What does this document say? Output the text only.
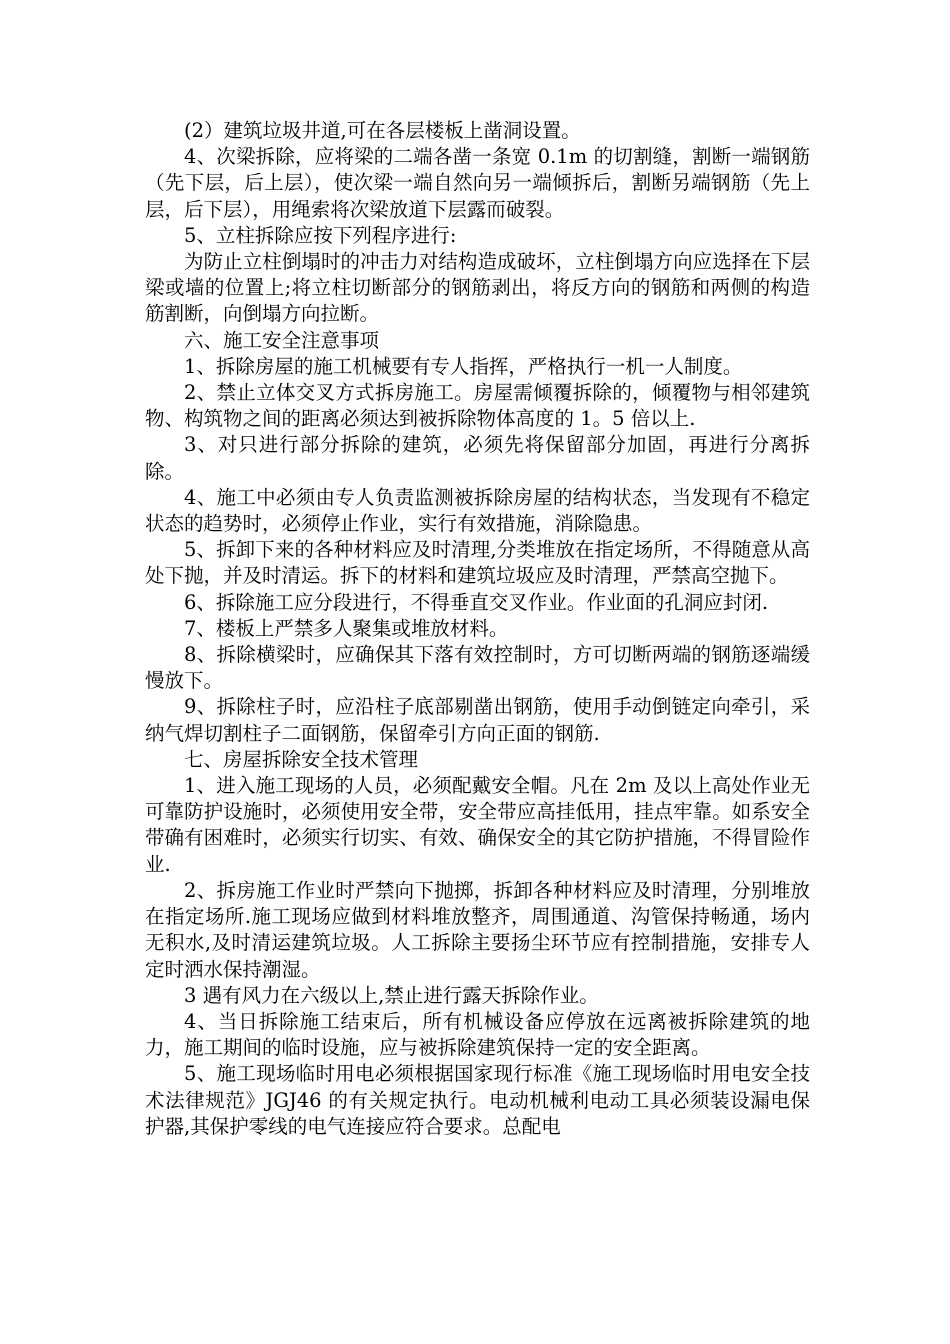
(2）建筑垃圾井道,可在各层楼板上凿洞设置。

4、次梁拆除，应将梁的二端各凿一条宽 0.1m 的切割缝，割断一端钢筋（先下层，后上层），使次梁一端自然向另一端倾拆后，割断另端钢筋（先上层，后下层），用绳索将次梁放道下层露而破裂。

5、立柱拆除应按下列程序进行:

为防止立柱倒塌时的冲击力对结构造成破坏，立柱倒塌方向应选择在下层梁或墙的位置上;将立柱切断部分的钢筋剥出，将反方向的钢筋和两侧的构造筋割断，向倒塌方向拉断。

六、施工安全注意事项

1、拆除房屋的施工机械要有专人指挥，严格执行一机一人制度。

2、禁止立体交叉方式拆房施工。房屋需倾覆拆除的，倾覆物与相邻建筑物、构筑物之间的距离必须达到被拆除物体高度的 1。5 倍以上.

3、对只进行部分拆除的建筑，必须先将保留部分加固，再进行分离拆除。

4、施工中必须由专人负责监测被拆除房屋的结构状态，当发现有不稳定状态的趋势时，必须停止作业，实行有效措施，消除隐患。

5、拆卸下来的各种材料应及时清理,分类堆放在指定场所，不得随意从高处下抛，并及时清运。拆下的材料和建筑垃圾应及时清理，严禁高空抛下。

6、拆除施工应分段进行，不得垂直交叉作业。作业面的孔洞应封闭.

7、楼板上严禁多人聚集或堆放材料。

8、拆除横梁时，应确保其下落有效控制时，方可切断两端的钢筋逐端缓慢放下。

9、拆除柱子时，应沿柱子底部剔凿出钢筋，使用手动倒链定向牵引，采纳气焊切割柱子二面钢筋，保留牵引方向正面的钢筋.

七、房屋拆除安全技术管理

1、进入施工现场的人员，必须配戴安全帽。凡在 2m 及以上高处作业无可靠防护设施时，必须使用安全带，安全带应高挂低用，挂点牢靠。如系安全带确有困难时，必须实行切实、有效、确保安全的其它防护措施，不得冒险作业.

2、拆房施工作业时严禁向下抛掷，拆卸各种材料应及时清理，分别堆放在指定场所.施工现场应做到材料堆放整齐，周围通道、沟管保持畅通，场内无积水,及时清运建筑垃圾。人工拆除主要扬尘环节应有控制措施，安排专人定时洒水保持潮湿。

3 遇有风力在六级以上,禁止进行露天拆除作业。

4、当日拆除施工结束后，所有机械设备应停放在远离被拆除建筑的地力，施工期间的临时设施，应与被拆除建筑保持一定的安全距离。

5、施工现场临时用电必须根据国家现行标准《施工现场临时用电安全技术法律规范》JGJ46 的有关规定执行。电动机械利电动工具必须装设漏电保护器,其保护零线的电气连接应符合要求。总配电
